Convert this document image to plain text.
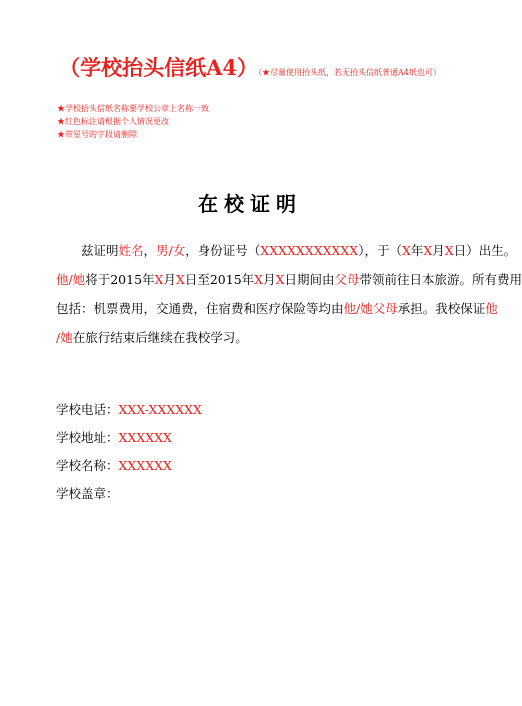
（学校抬头信纸A4）（★尽量使用抬头纸，若无抬头信纸普通A4纸也可）
★学校抬头信纸名称要学校公章上名称一致
★红色标注请根据个人情况更改
★带星号的字段请删除
在校证明
　　兹证明姓名，男/女，身份证号（XXXXXXXXXXX），于（X年X月X日）出生。
他/她将于2015年X月X日至2015年X月X日期间由父母带领前往日本旅游。所有费用
包括：机票费用，交通费，住宿费和医疗保险等均由他/她父母承担。我校保证他
/她在旅行结束后继续在我校学习。
学校电话：XXX-XXXXXX
学校地址：XXXXXX
学校名称：XXXXXX
学校盖章：
